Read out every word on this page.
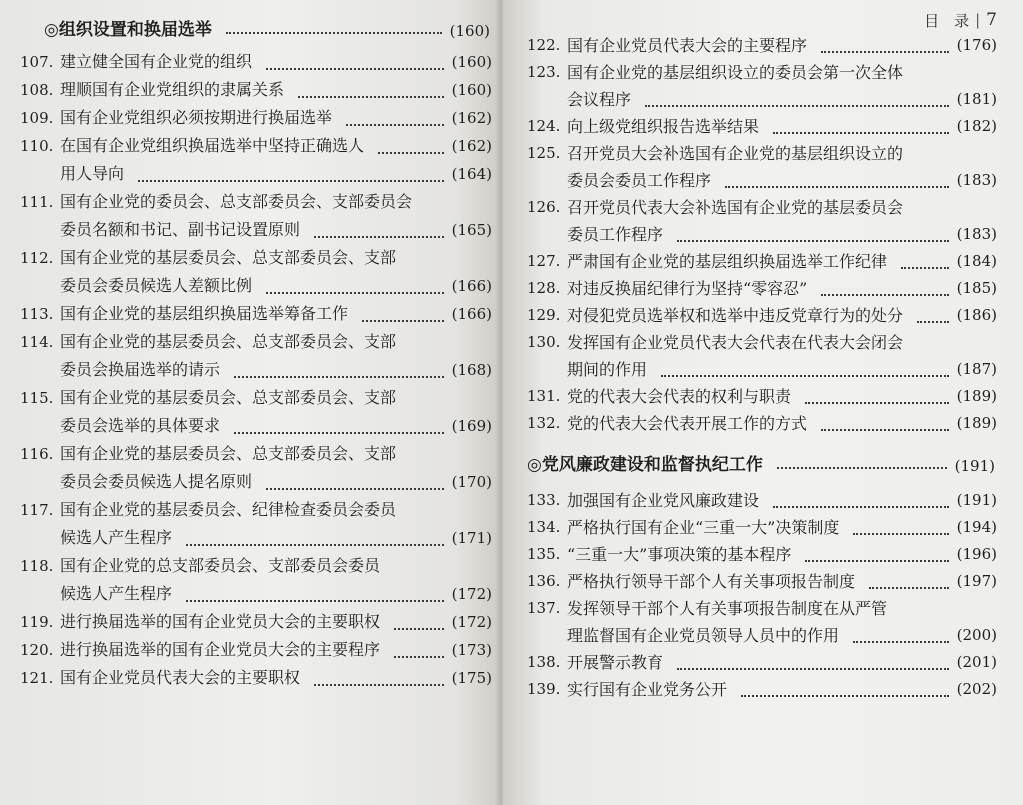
◎组织设置和换届选举	(160)
107. 建立健全国有企业党的组织	(160)
108. 理顺国有企业党组织的隶属关系	(160)
109. 国有企业党组织必须按期进行换届选举	(162)
110. 在国有企业党组织换届选举中坚持正确选人	(162)
用人导向	(164)
111. 国有企业党的委员会、总支部委员会、支部委员会
委员名额和书记、副书记设置原则	(165)
112. 国有企业党的基层委员会、总支部委员会、支部
委员会委员候选人差额比例	(166)
113. 国有企业党的基层组织换届选举筹备工作	(166)
114. 国有企业党的基层委员会、总支部委员会、支部
委员会换届选举的请示	(168)
115. 国有企业党的基层委员会、总支部委员会、支部
委员会选举的具体要求	(169)
116. 国有企业党的基层委员会、总支部委员会、支部
委员会委员候选人提名原则	(170)
117. 国有企业党的基层委员会、纪律检查委员会委员
候选人产生程序	(171)
118. 国有企业党的总支部委员会、支部委员会委员
候选人产生程序	(172)
119. 进行换届选举的国有企业党员大会的主要职权	(172)
120. 进行换届选举的国有企业党员大会的主要程序	(173)
121. 国有企业党员代表大会的主要职权	(175)
目　录 | 7
122. 国有企业党员代表大会的主要程序	(176)
123. 国有企业党的基层组织设立的委员会第一次全体
会议程序	(181)
124. 向上级党组织报告选举结果	(182)
125. 召开党员大会补选国有企业党的基层组织设立的
委员会委员工作程序	(183)
126. 召开党员代表大会补选国有企业党的基层委员会
委员工作程序	(183)
127. 严肃国有企业党的基层组织换届选举工作纪律	(184)
128. 对违反换届纪律行为坚持“零容忍”	(185)
129. 对侵犯党员选举权和选举中违反党章行为的处分	(186)
130. 发挥国有企业党员代表大会代表在代表大会闭会
期间的作用	(187)
131. 党的代表大会代表的权利与职责	(189)
132. 党的代表大会代表开展工作的方式	(189)
◎党风廉政建设和监督执纪工作	(191)
133. 加强国有企业党风廉政建设	(191)
134. 严格执行国有企业“三重一大”决策制度	(194)
135. “三重一大”事项决策的基本程序	(196)
136. 严格执行领导干部个人有关事项报告制度	(197)
137. 发挥领导干部个人有关事项报告制度在从严管
理监督国有企业党员领导人员中的作用	(200)
138. 开展警示教育	(201)
139. 实行国有企业党务公开	(202)
